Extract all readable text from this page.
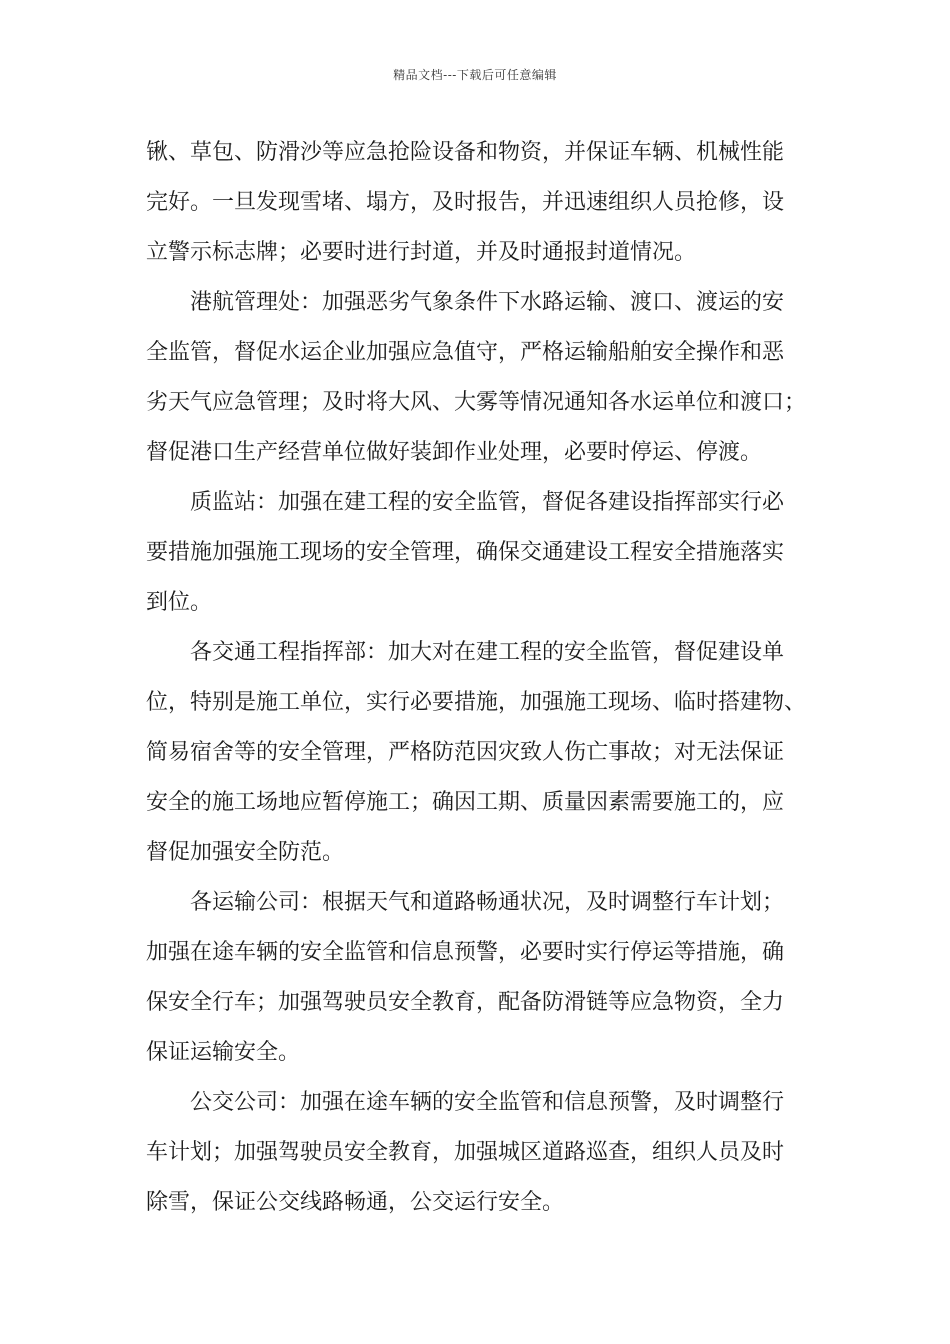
精品文档---下载后可任意编辑

锹、草包、防滑沙等应急抢险设备和物资，并保证车辆、机械性能
完好。一旦发现雪堵、塌方，及时报告，并迅速组织人员抢修，设
立警示标志牌；必要时进行封道，并及时通报封道情况。

港航管理处：加强恶劣气象条件下水路运输、渡口、渡运的安
全监管，督促水运企业加强应急值守，严格运输船舶安全操作和恶
劣天气应急管理；及时将大风、大雾等情况通知各水运单位和渡口；
督促港口生产经营单位做好装卸作业处理，必要时停运、停渡。

质监站：加强在建工程的安全监管，督促各建设指挥部实行必
要措施加强施工现场的安全管理，确保交通建设工程安全措施落实
到位。

各交通工程指挥部：加大对在建工程的安全监管，督促建设单
位，特别是施工单位，实行必要措施，加强施工现场、临时搭建物、
简易宿舍等的安全管理，严格防范因灾致人伤亡事故；对无法保证
安全的施工场地应暂停施工；确因工期、质量因素需要施工的，应
督促加强安全防范。

各运输公司：根据天气和道路畅通状况，及时调整行车计划；
加强在途车辆的安全监管和信息预警，必要时实行停运等措施，确
保安全行车；加强驾驶员安全教育，配备防滑链等应急物资，全力
保证运输安全。

公交公司：加强在途车辆的安全监管和信息预警，及时调整行
车计划；加强驾驶员安全教育，加强城区道路巡查，组织人员及时
除雪，保证公交线路畅通，公交运行安全。
